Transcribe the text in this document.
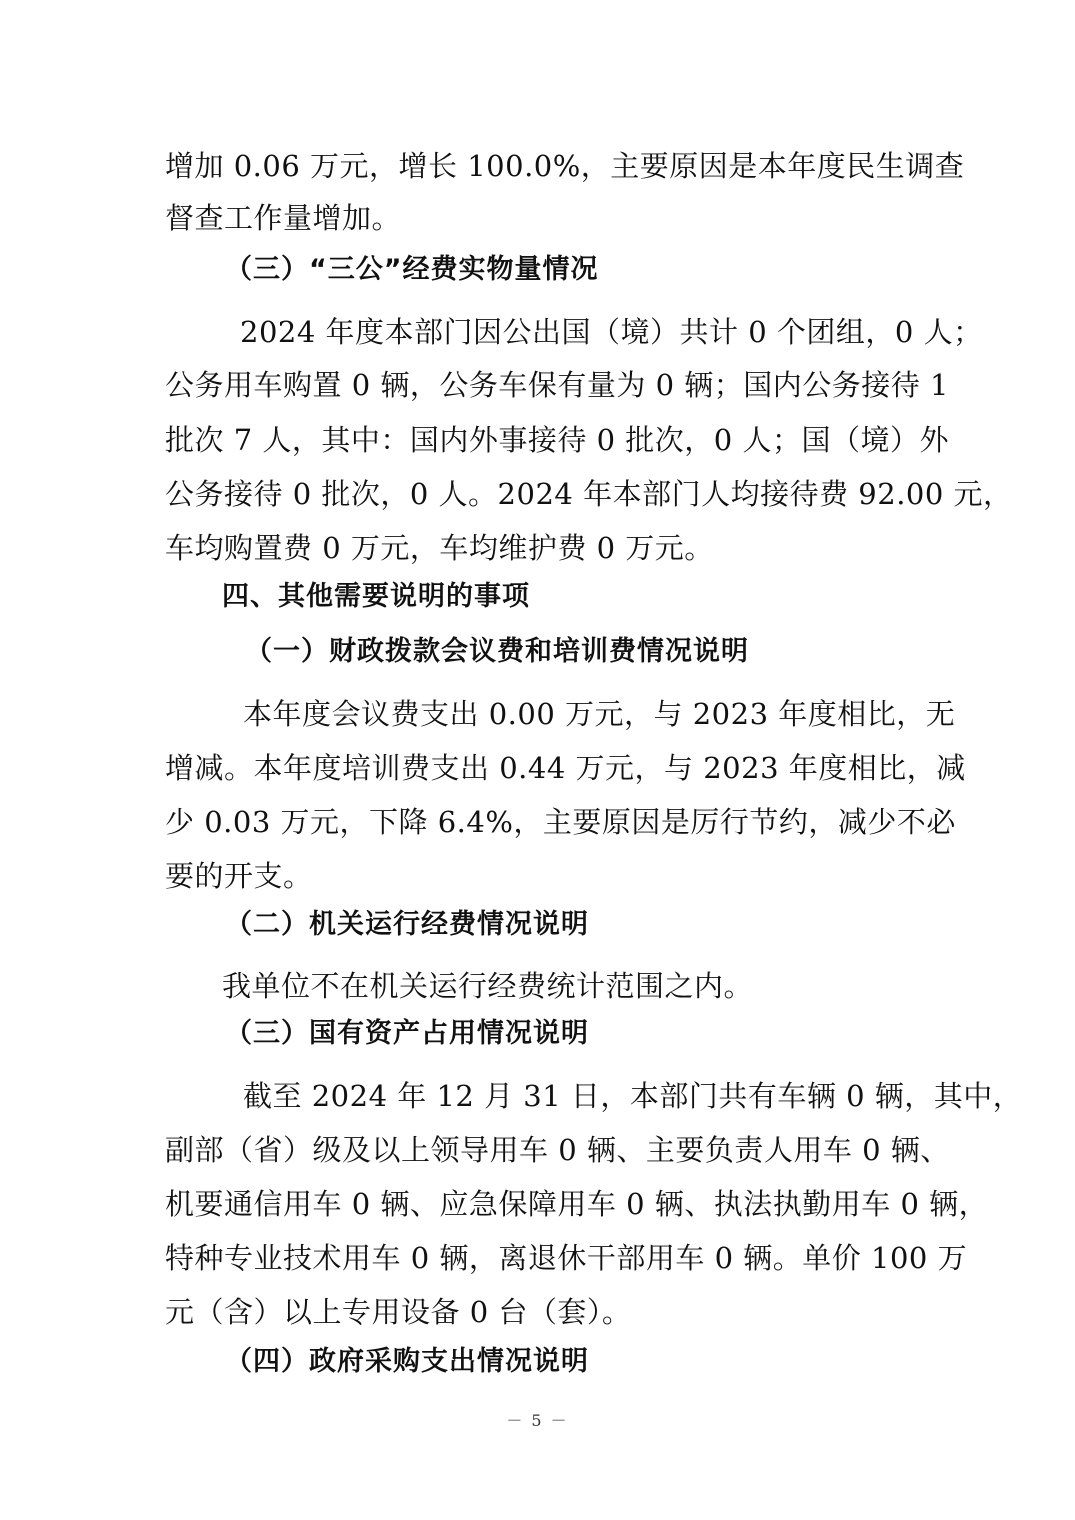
增加 0.06 万元，增长 100.0%，主要原因是本年度民生调查
督查工作量增加。
（三）“三公”经费实物量情况
2024 年度本部门因公出国（境）共计 0 个团组，0 人；
公务用车购置 0 辆，公务车保有量为 0 辆；国内公务接待 1
批次 7 人，其中：国内外事接待 0 批次，0 人；国（境）外
公务接待 0 批次，0 人。2024 年本部门人均接待费 92.00 元，
车均购置费 0 万元，车均维护费 0 万元。
四、其他需要说明的事项
（一）财政拨款会议费和培训费情况说明
本年度会议费支出 0.00 万元，与 2023 年度相比，无
增减。本年度培训费支出 0.44 万元，与 2023 年度相比，减
少 0.03 万元，下降 6.4%，主要原因是厉行节约，减少不必
要的开支。
（二）机关运行经费情况说明
我单位不在机关运行经费统计范围之内。
（三）国有资产占用情况说明
截至 2024 年 12 月 31 日，本部门共有车辆 0 辆，其中，
副部（省）级及以上领导用车 0 辆、主要负责人用车 0 辆、
机要通信用车 0 辆、应急保障用车 0 辆、执法执勤用车 0 辆，
特种专业技术用车 0 辆，离退休干部用车 0 辆。单价 100 万
元（含）以上专用设备 0 台（套）。
（四）政府采购支出情况说明
－ 5 －
